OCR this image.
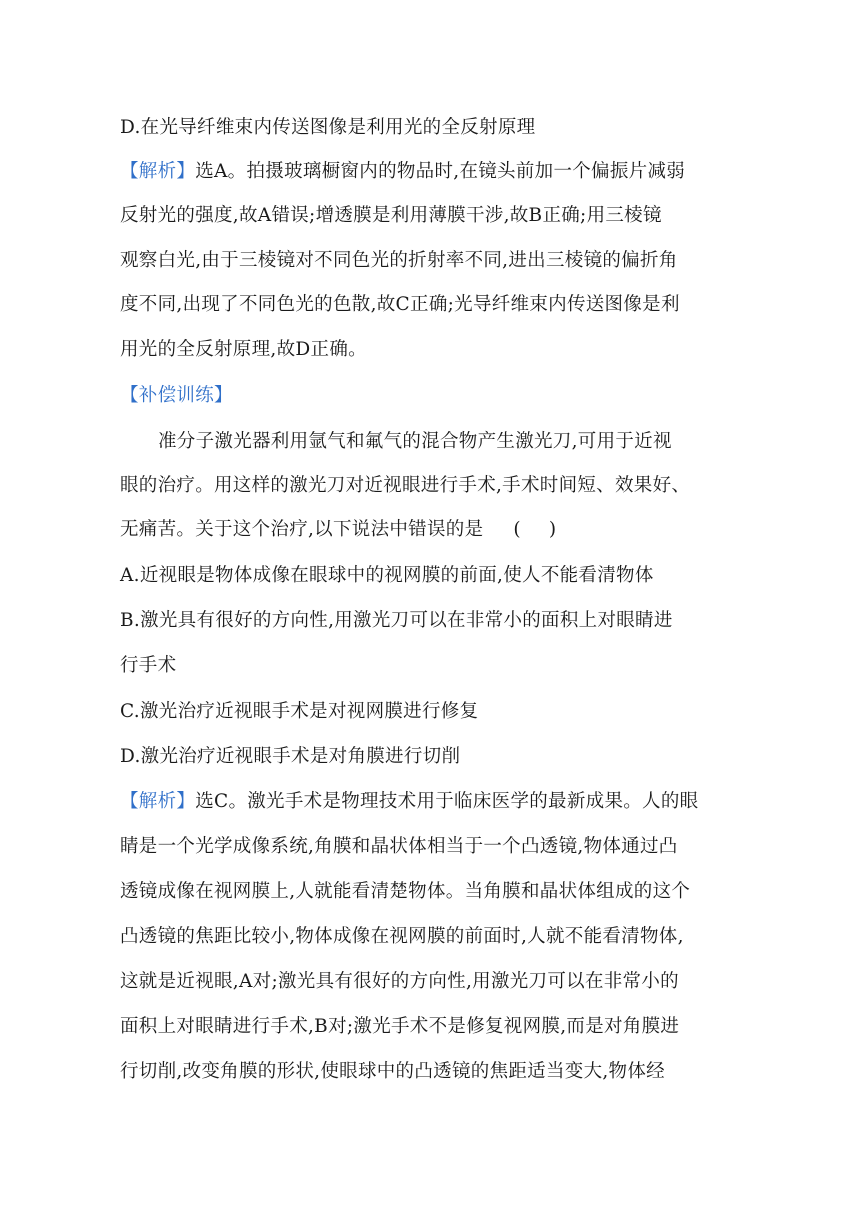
D.在光导纤维束内传送图像是利用光的全反射原理
【解析】选A。拍摄玻璃橱窗内的物品时,在镜头前加一个偏振片减弱
反射光的强度,故A错误;增透膜是利用薄膜干涉,故B正确;用三棱镜
观察白光,由于三棱镜对不同色光的折射率不同,进出三棱镜的偏折角
度不同,出现了不同色光的色散,故C正确;光导纤维束内传送图像是利
用光的全反射原理,故D正确。
【补偿训练】
准分子激光器利用氩气和氟气的混合物产生激光刀,可用于近视
眼的治疗。用这样的激光刀对近视眼进行手术,手术时间短、效果好、
无痛苦。关于这个治疗,以下说法中错误的是 ( )
A.近视眼是物体成像在眼球中的视网膜的前面,使人不能看清物体
B.激光具有很好的方向性,用激光刀可以在非常小的面积上对眼睛进
行手术
C.激光治疗近视眼手术是对视网膜进行修复
D.激光治疗近视眼手术是对角膜进行切削
【解析】选C。激光手术是物理技术用于临床医学的最新成果。人的眼
睛是一个光学成像系统,角膜和晶状体相当于一个凸透镜,物体通过凸
透镜成像在视网膜上,人就能看清楚物体。当角膜和晶状体组成的这个
凸透镜的焦距比较小,物体成像在视网膜的前面时,人就不能看清物体,
这就是近视眼,A对;激光具有很好的方向性,用激光刀可以在非常小的
面积上对眼睛进行手术,B对;激光手术不是修复视网膜,而是对角膜进
行切削,改变角膜的形状,使眼球中的凸透镜的焦距适当变大,物体经
